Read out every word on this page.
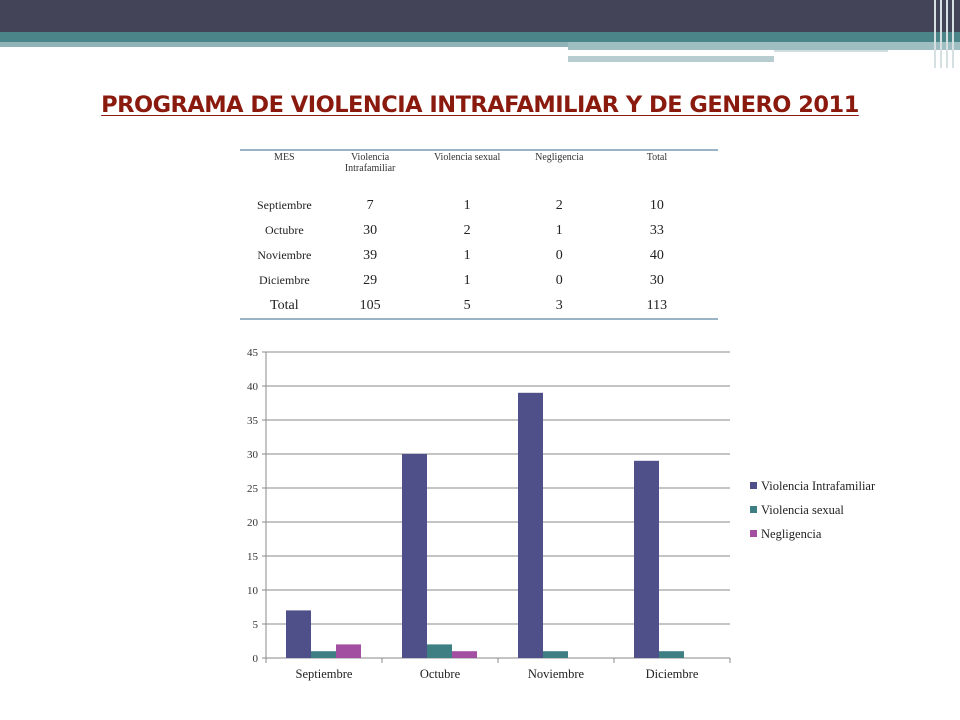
PROGRAMA DE VIOLENCIA INTRAFAMILIAR Y DE GENERO 2011
MES	Violencia Intrafamiliar	Violencia sexual	Negligencia	Total
Septiembre	7	1	2	10
Octubre	30	2	1	33
Noviembre	39	1	0	40
Diciembre	29	1	0	30
Total	105	5	3	113
0
5
10
15
20
25
30
35
40
45
Septiembre	Octubre	Noviembre	Diciembre
Violencia Intrafamiliar
Violencia sexual
Negligencia
